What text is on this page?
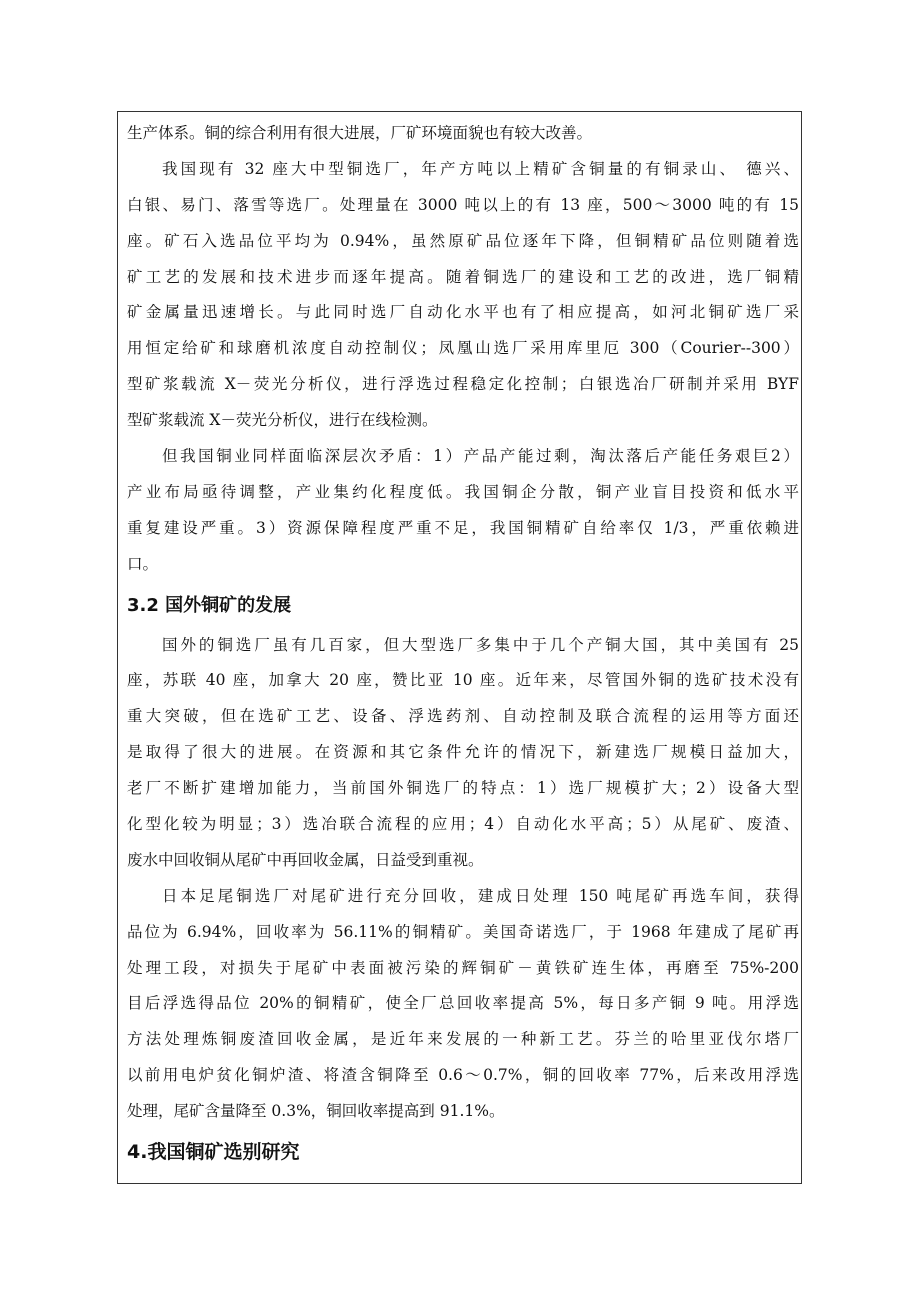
生产体系。铜的综合利用有很大进展，厂矿环境面貌也有较大改善。
我国现有 32 座大中型铜选厂，年产方吨以上精矿含铜量的有铜录山、 德兴、
白银、易门、落雪等选厂。处理量在 3000 吨以上的有 13 座，500～3000 吨的有 15
座。矿石入选品位平均为 0.94%，虽然原矿品位逐年下降，但铜精矿品位则随着选
矿工艺的发展和技术进步而逐年提高。随着铜选厂的建设和工艺的改进，选厂铜精
矿金属量迅速增长。与此同时选厂自动化水平也有了相应提高，如河北铜矿选厂采
用恒定给矿和球磨机浓度自动控制仪；凤凰山选厂采用库里厄 300（Courier--300）
型矿浆载流 X－荧光分析仪，进行浮选过程稳定化控制；白银选冶厂研制并采用 BYF
型矿浆载流 X－荧光分析仪，进行在线检测。
但我国铜业同样面临深层次矛盾：1）产品产能过剩，淘汰落后产能任务艰巨2）
产业布局亟待调整，产业集约化程度低。我国铜企分散，铜产业盲目投资和低水平
重复建设严重。3）资源保障程度严重不足，我国铜精矿自给率仅 1/3，严重依赖进
口。
3.2 国外铜矿的发展
国外的铜选厂虽有几百家，但大型选厂多集中于几个产铜大国，其中美国有 25
座，苏联 40 座，加拿大 20 座，赞比亚 10 座。近年来，尽管国外铜的选矿技术没有
重大突破，但在选矿工艺、设备、浮选药剂、自动控制及联合流程的运用等方面还
是取得了很大的进展。在资源和其它条件允许的情况下，新建选厂规模日益加大，
老厂不断扩建增加能力，当前国外铜选厂的特点：1）选厂规模扩大；2）设备大型
化型化较为明显；3）选冶联合流程的应用；4）自动化水平高；5）从尾矿、废渣、
废水中回收铜从尾矿中再回收金属，日益受到重视。
日本足尾铜选厂对尾矿进行充分回收，建成日处理 150 吨尾矿再选车间，获得
品位为 6.94%，回收率为 56.11%的铜精矿。美国奇诺选厂，于 1968 年建成了尾矿再
处理工段，对损失于尾矿中表面被污染的辉铜矿－黄铁矿连生体，再磨至 75%-200
目后浮选得品位 20%的铜精矿，使全厂总回收率提高 5%，每日多产铜 9 吨。用浮选
方法处理炼铜废渣回收金属，是近年来发展的一种新工艺。芬兰的哈里亚伐尔塔厂
以前用电炉贫化铜炉渣、将渣含铜降至 0.6～0.7%，铜的回收率 77%，后来改用浮选
处理，尾矿含量降至 0.3%，铜回收率提高到 91.1%。
4.我国铜矿选别研究
